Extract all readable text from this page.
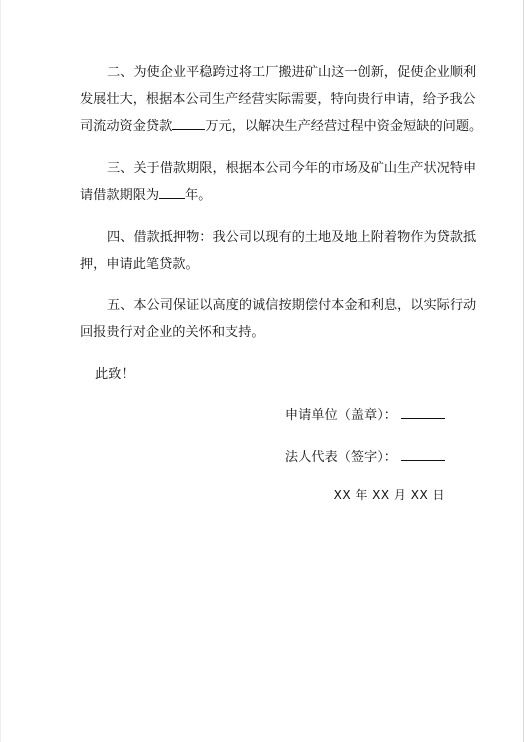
二、为使企业平稳跨过将工厂搬进矿山这一创新，促使企业顺利
发展壮大，根据本公司生产经营实际需要，特向贵行申请，给予我公
司流动资金贷款	万元，以解决生产经营过程中资金短缺的问题。
三、关于借款期限，根据本公司今年的市场及矿山生产状况特申
请借款期限为 年。
四、借款抵押物：我公司以现有的土地及地上附着物作为贷款抵
押，申请此笔贷款。
五、本公司保证以高度的诚信按期偿付本金和利息，以实际行动
回报贵行对企业的关怀和支持。
此致！
申请单位（盖章）：
法人代表（签字）：
XX 年 XX 月 XX 日
